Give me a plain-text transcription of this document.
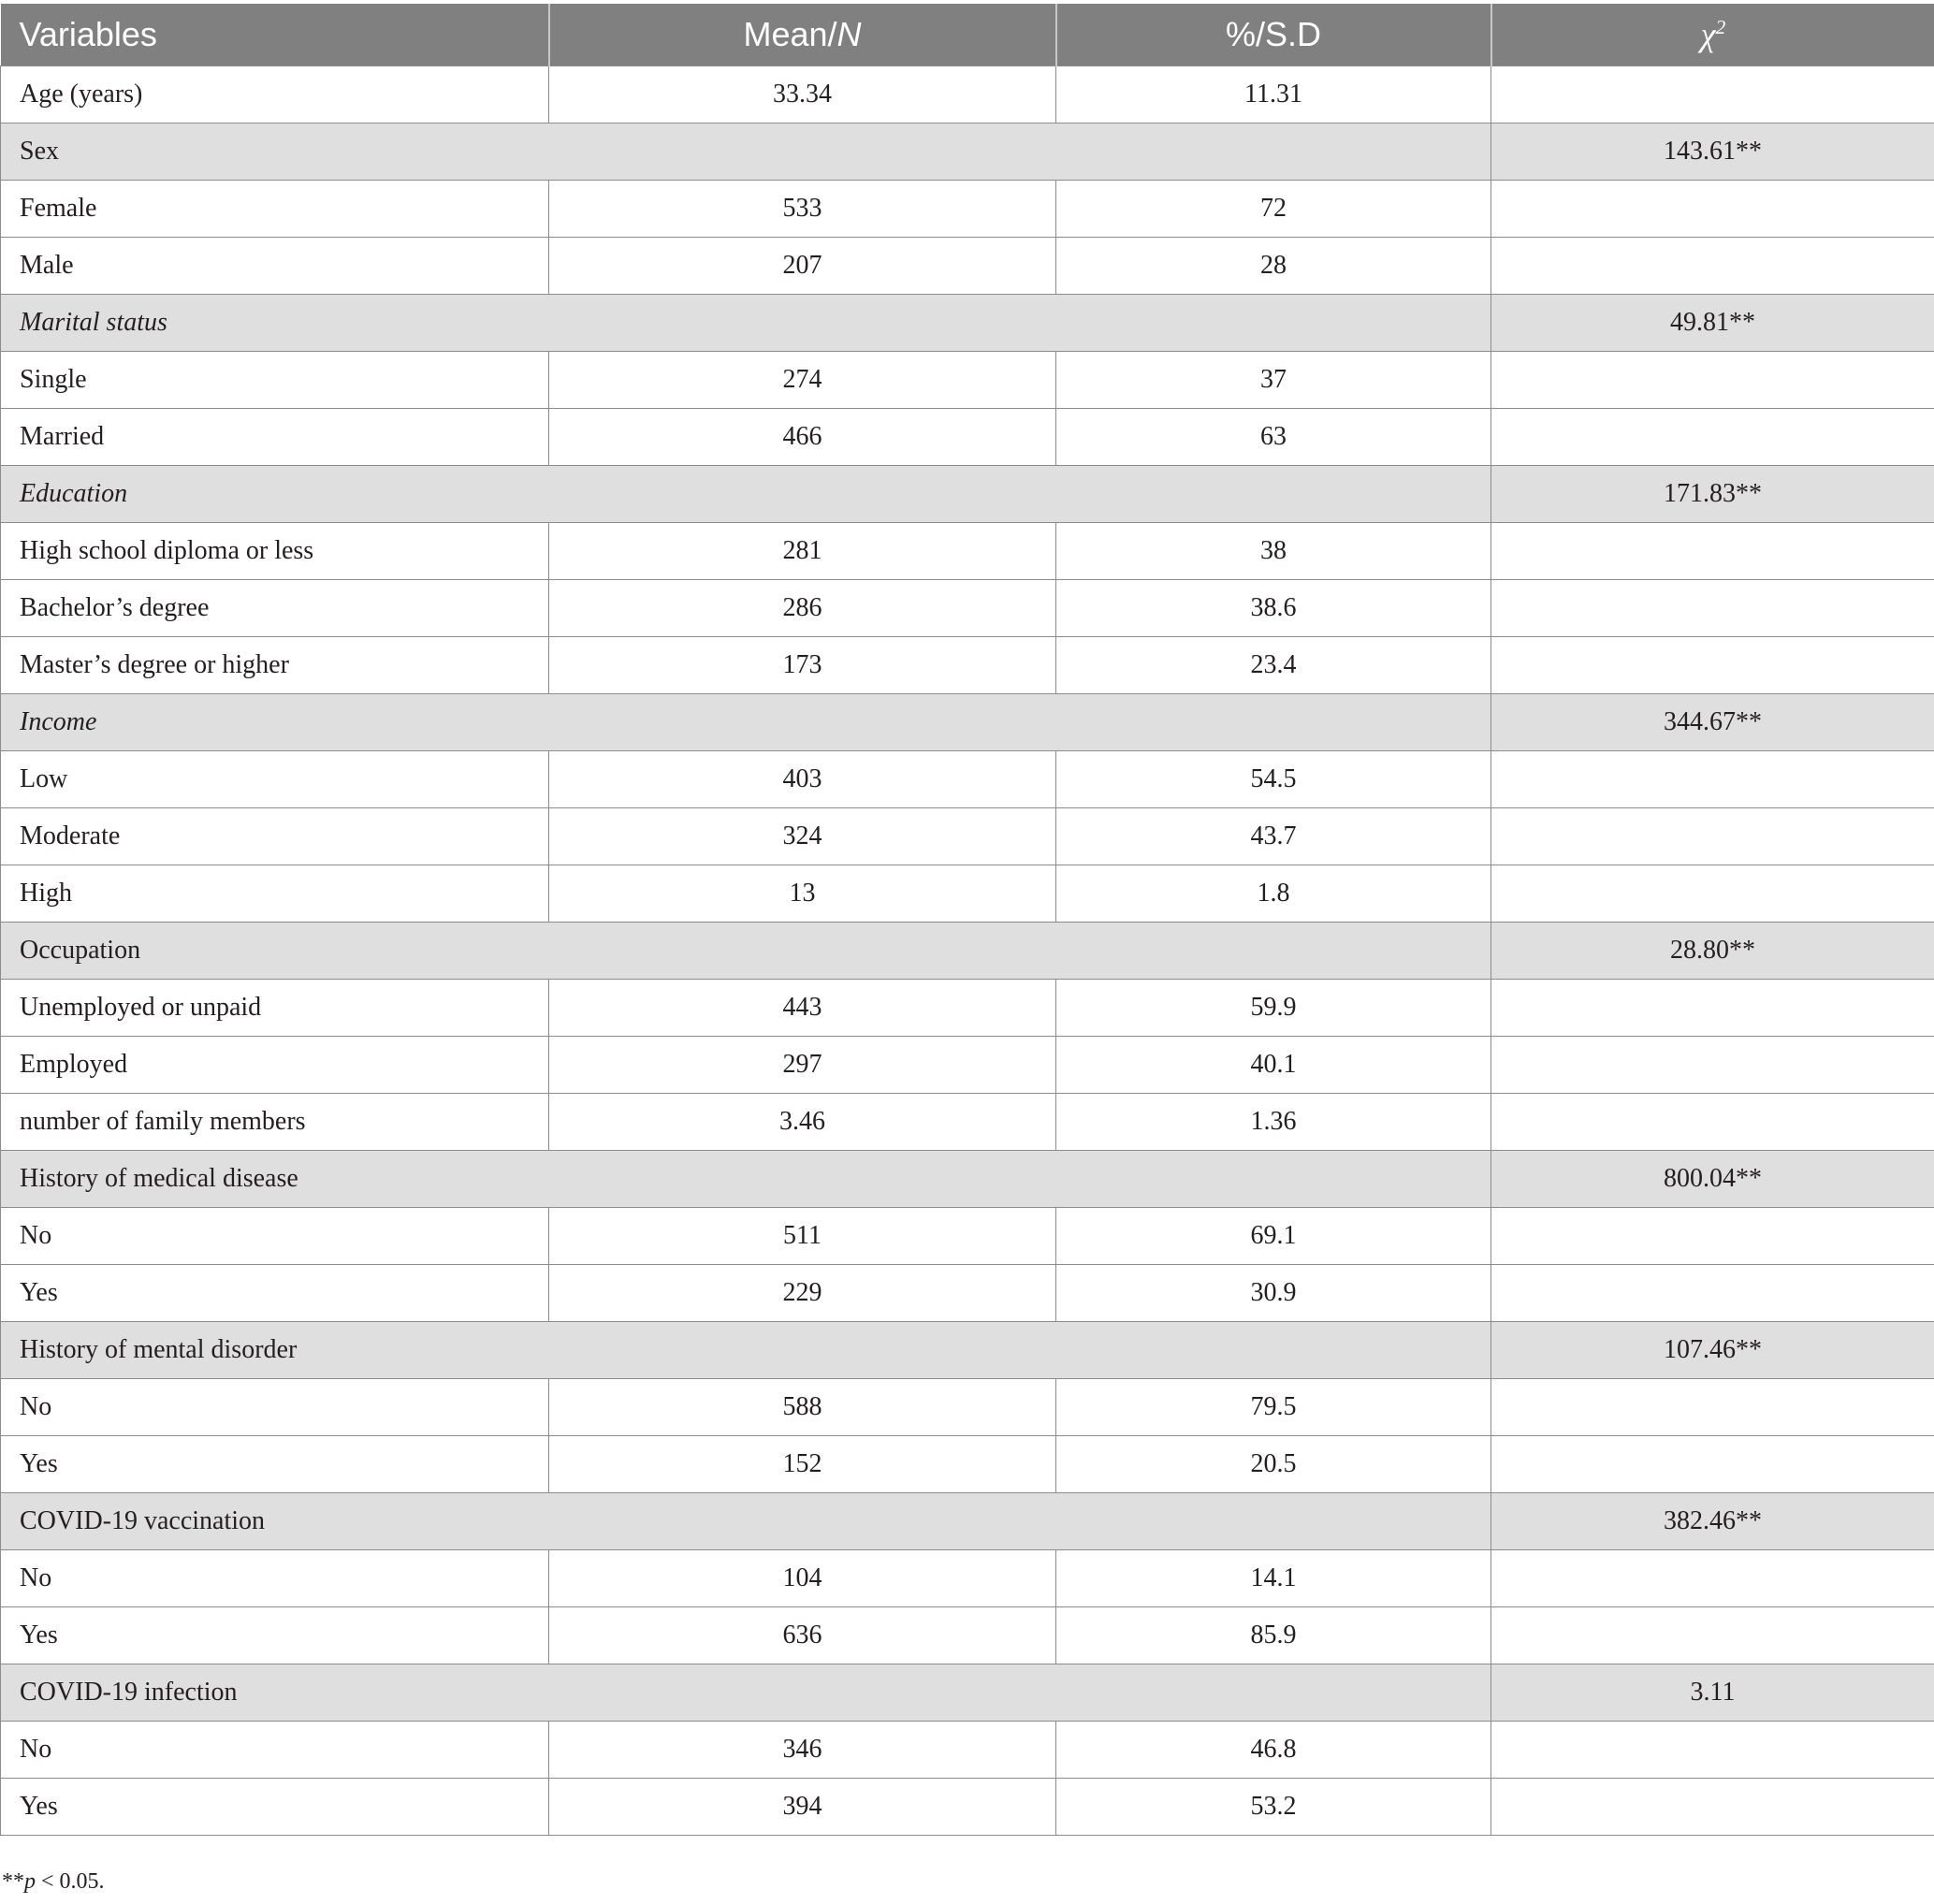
Variables	Mean/N	%/S.D	$\chi^2$
Age (years)	33.34	11.31	
Sex			143.61**
Female	533	72	
Male	207	28	
Marital status			49.81**
Single	274	37	
Married	466	63	
Education			171.83**
High school diploma or less	281	38	
Bachelor’s degree	286	38.6	
Master’s degree or higher	173	23.4	
Income			344.67**
Low	403	54.5	
Moderate	324	43.7	
High	13	1.8	
Occupation			28.80**
Unemployed or unpaid	443	59.9	
Employed	297	40.1	
number of family members	3.46	1.36	
History of medical disease			800.04**
No	511	69.1	
Yes	229	30.9	
History of mental disorder			107.46**
No	588	79.5	
Yes	152	20.5	
COVID-19 vaccination			382.46**
No	104	14.1	
Yes	636	85.9	
COVID-19 infection			3.11
No	346	46.8	
Yes	394	53.2	
**p < 0.05.
